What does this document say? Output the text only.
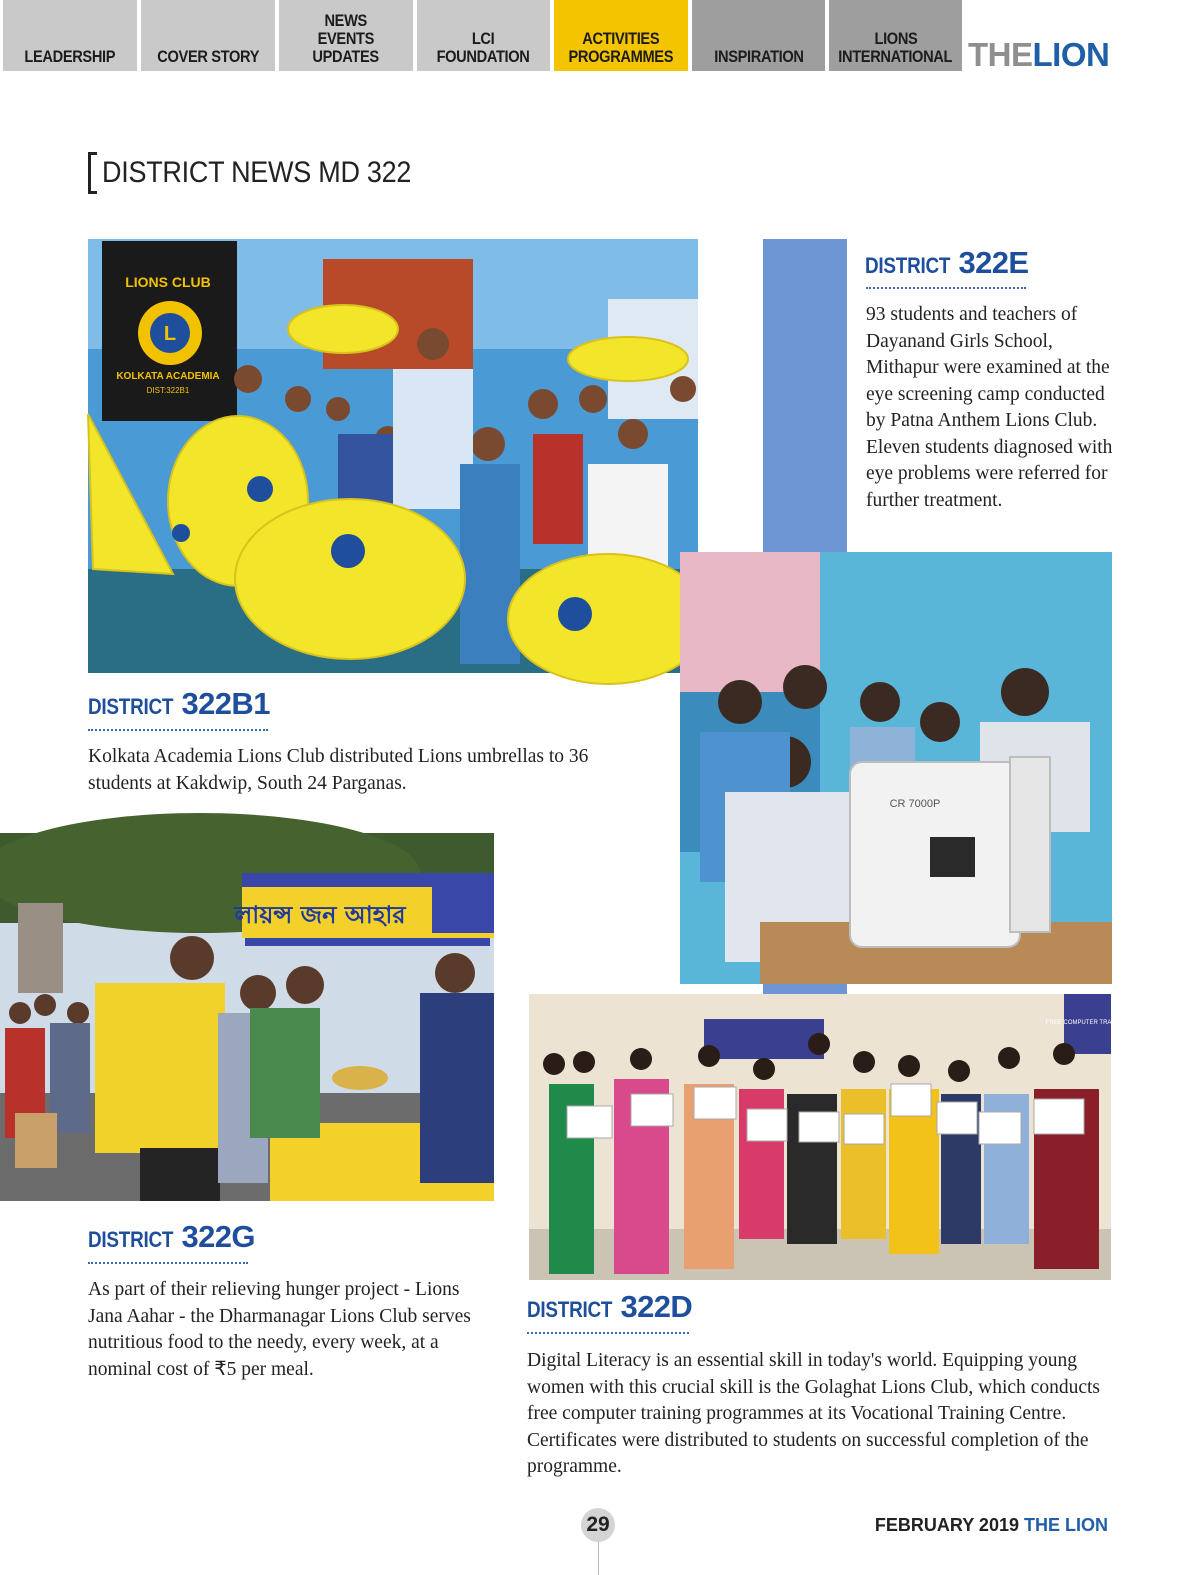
LEADERSHIP COVER STORY
NEWS
EVENTS
UPDATES
LCI
FOUNDATION
ACTIVITIES
PROGRAMMES INSPIRATION
LIONS
INTERNATIONAL THELION
DISTRICT NEWS MD 322
L
LIONS CLUB
KOLKATA ACADEMIA
DIST:322B1
DISTRICT 322E
93 students and teachers of Dayanand Girls School, Mithapur were examined at the eye screening camp conducted by Patna Anthem Lions Club. Eleven students diagnosed with eye problems were referred for further treatment.
CR 7000P
DISTRICT 322B1
Kolkata Academia Lions Club distributed Lions umbrellas to 36 students at Kakdwip, South 24 Parganas.
লায়ন্স জন আহার
FREE COMPUTER TRAINING
DISTRICT 322G
As part of their relieving hunger project - Lions Jana Aahar - the Dharmanagar Lions Club serves nutritious food to the needy, every week, at a nominal cost of ₹5 per meal.
DISTRICT 322D
Digital Literacy is an essential skill in today's world. Equipping young women with this crucial skill is the Golaghat Lions Club, which conducts free computer training programmes at its Vocational Training Centre. Certificates were distributed to students on successful completion of the programme.
29	FEBRUARY 2019 THE LION
